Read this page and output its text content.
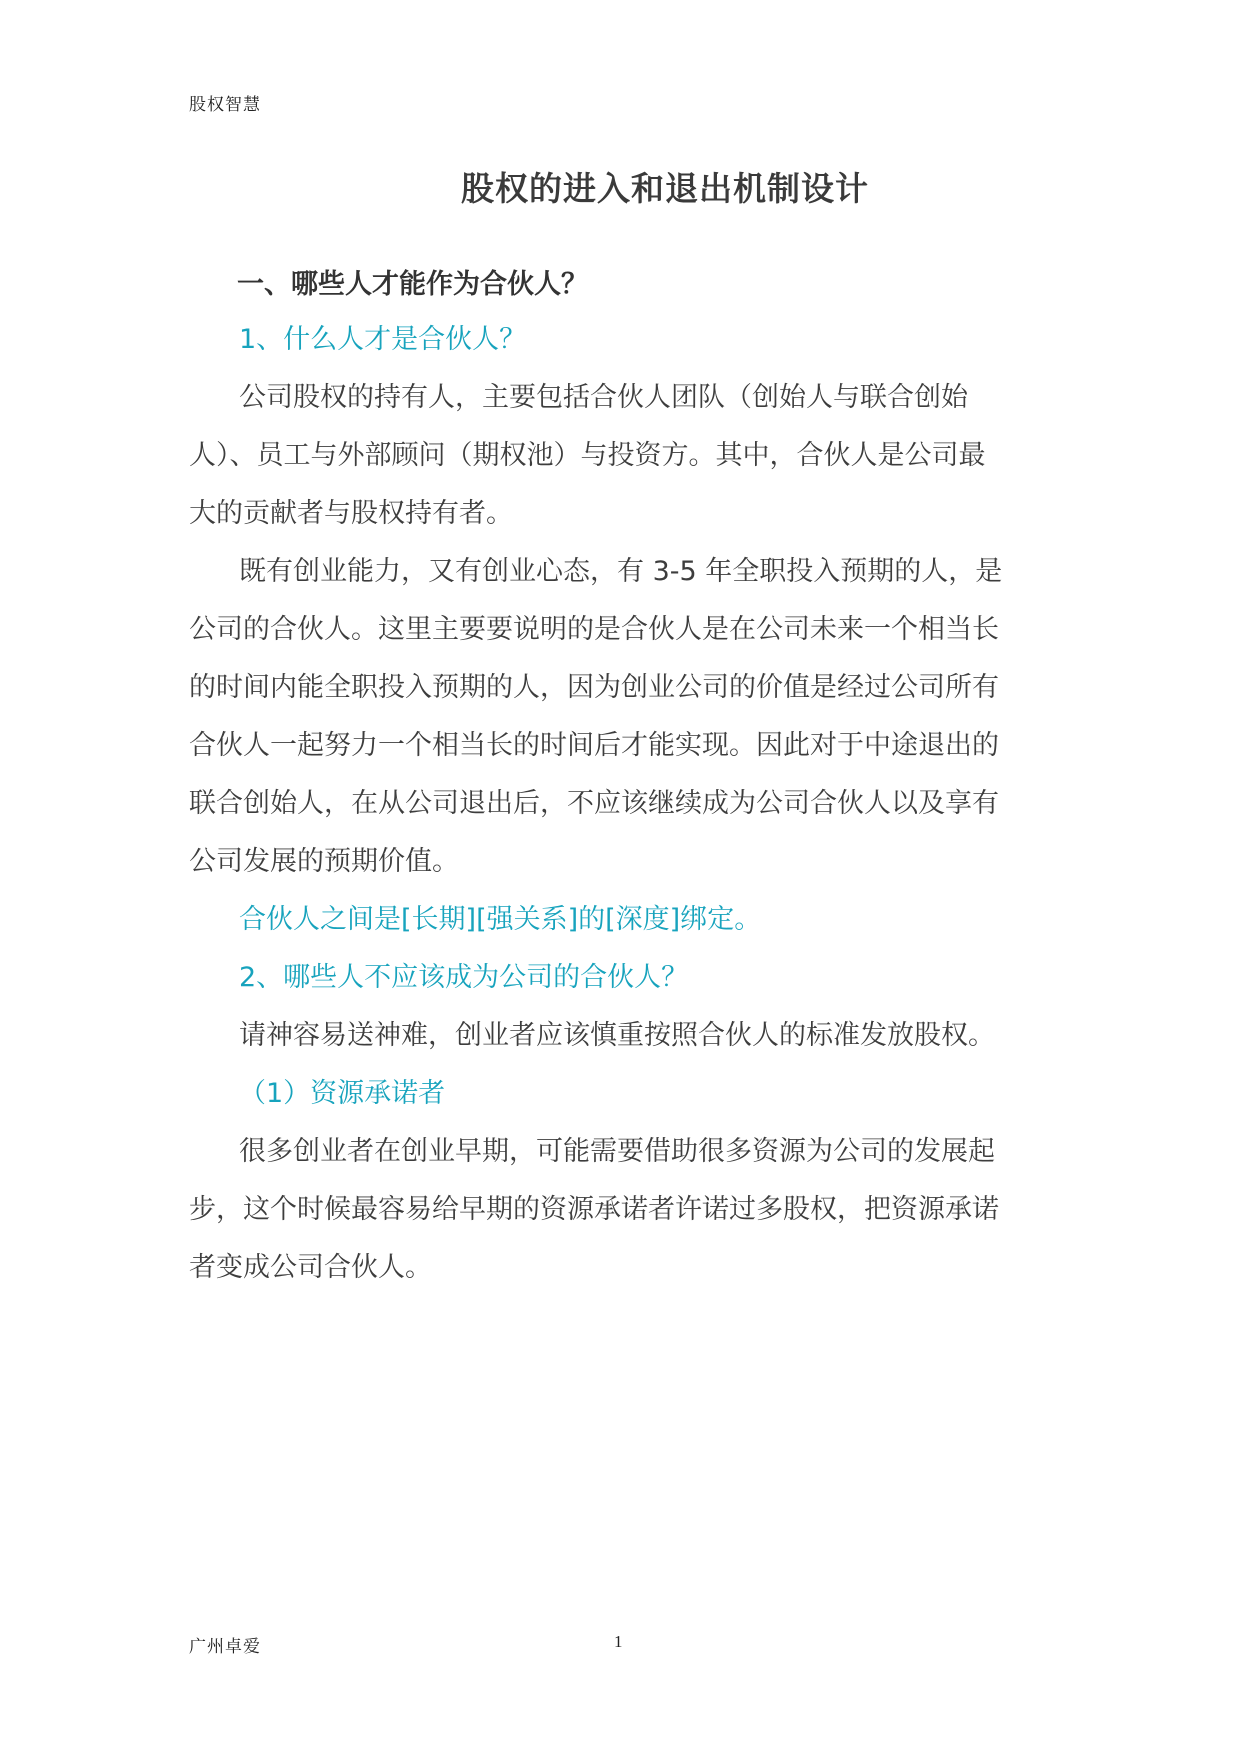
股权智慧
股权的进入和退出机制设计
一、哪些人才能作为合伙人？
1、什么人才是合伙人？
公司股权的持有人，主要包括合伙人团队（创始人与联合创始
人）、员工与外部顾问（期权池）与投资方。其中，合伙人是公司最
大的贡献者与股权持有者。
既有创业能力，又有创业心态，有 3-5 年全职投入预期的人，是
公司的合伙人。这里主要要说明的是合伙人是在公司未来一个相当长
的时间内能全职投入预期的人，因为创业公司的价值是经过公司所有
合伙人一起努力一个相当长的时间后才能实现。因此对于中途退出的
联合创始人，在从公司退出后，不应该继续成为公司合伙人以及享有
公司发展的预期价值。
合伙人之间是[长期][强关系]的[深度]绑定。
2、哪些人不应该成为公司的合伙人？
请神容易送神难，创业者应该慎重按照合伙人的标准发放股权。
（1）资源承诺者
很多创业者在创业早期，可能需要借助很多资源为公司的发展起
步，这个时候最容易给早期的资源承诺者许诺过多股权，把资源承诺
者变成公司合伙人。
广州卓爱	1
